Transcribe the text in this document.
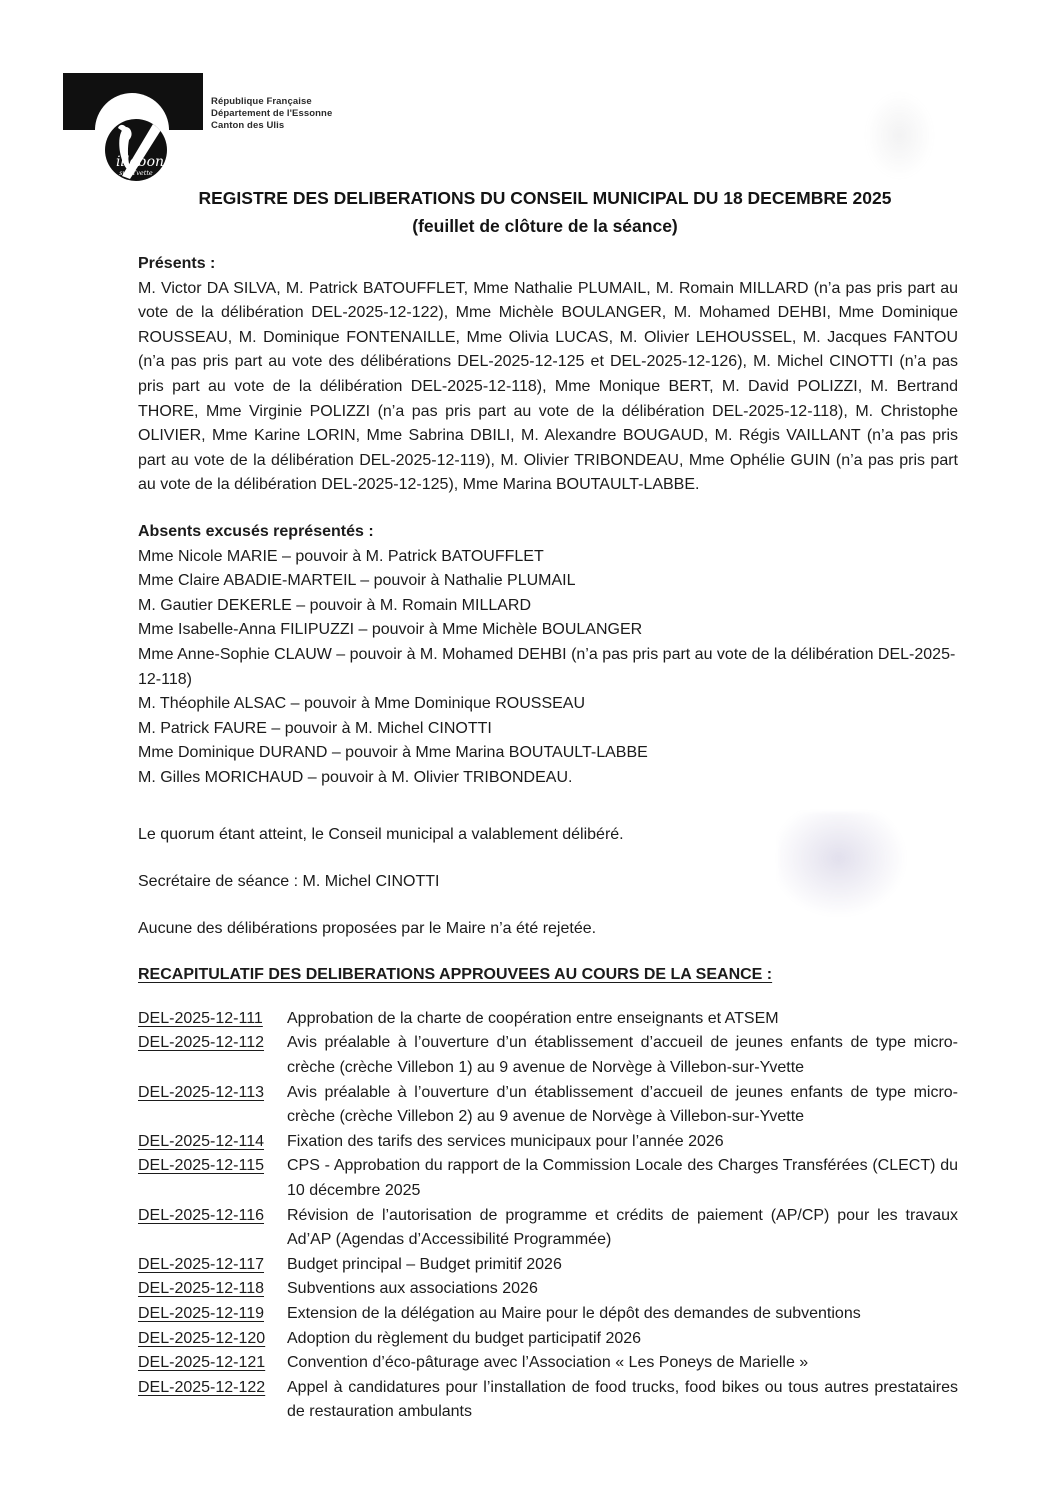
illebon
sur Yvette
République Française
Département de l'Essonne
Canton des Ulis
REGISTRE DES DELIBERATIONS DU CONSEIL MUNICIPAL DU 18 DECEMBRE 2025
(feuillet de clôture de la séance)
Présents :

M. Victor DA SILVA, M. Patrick BATOUFFLET, Mme Nathalie PLUMAIL, M. Romain MILLARD (n’a pas pris part au vote de la délibération DEL-2025-12-122), Mme Michèle BOULANGER, M. Mohamed DEHBI, Mme Dominique ROUSSEAU, M. Dominique FONTENAILLE, Mme Olivia LUCAS, M. Olivier LEHOUSSEL, M. Jacques FANTOU (n’a pas pris part au vote des délibérations DEL-2025-12-125 et DEL-2025-12-126), M. Michel CINOTTI (n’a pas pris part au vote de la délibération DEL-2025-12-118), Mme Monique BERT, M. David POLIZZI, M. Bertrand THORE, Mme Virginie POLIZZI (n’a pas pris part au vote de la délibération DEL-2025-12-118), M. Christophe OLIVIER, Mme Karine LORIN, Mme Sabrina DBILI, M. Alexandre BOUGAUD, M. Régis VAILLANT (n’a pas pris part au vote de la délibération DEL-2025-12-119), M. Olivier TRIBONDEAU, Mme Ophélie GUIN (n’a pas pris part au vote de la délibération DEL-2025-12-125), Mme Marina BOUTAULT-LABBE.

Absents excusés représentés :
Mme Nicole MARIE – pouvoir à M. Patrick BATOUFFLET
Mme Claire ABADIE-MARTEIL – pouvoir à Nathalie PLUMAIL
M. Gautier DEKERLE – pouvoir à M. Romain MILLARD
Mme Isabelle-Anna FILIPUZZI – pouvoir à Mme Michèle BOULANGER
Mme Anne-Sophie CLAUW – pouvoir à M. Mohamed DEHBI (n’a pas pris part au vote de la délibération DEL-2025-12-118)
M. Théophile ALSAC – pouvoir à Mme Dominique ROUSSEAU
M. Patrick FAURE – pouvoir à M. Michel CINOTTI
Mme Dominique DURAND – pouvoir à Mme Marina BOUTAULT-LABBE
M. Gilles MORICHAUD – pouvoir à M. Olivier TRIBONDEAU.

Le quorum étant atteint, le Conseil municipal a valablement délibéré.

Secrétaire de séance : M. Michel CINOTTI

Aucune des délibérations proposées par le Maire n’a été rejetée.

RECAPITULATIF DES DELIBERATIONS APPROUVEES AU COURS DE LA SEANCE :
DEL-2025-12-111	Approbation de la charte de coopération entre enseignants et ATSEM
DEL-2025-12-112	Avis préalable à l’ouverture d’un établissement d’accueil de jeunes enfants de type micro-crèche (crèche Villebon 1) au 9 avenue de Norvège à Villebon-sur-Yvette
DEL-2025-12-113	Avis préalable à l’ouverture d’un établissement d’accueil de jeunes enfants de type micro-crèche (crèche Villebon 2) au 9 avenue de Norvège à Villebon-sur-Yvette
DEL-2025-12-114	Fixation des tarifs des services municipaux pour l’année 2026
DEL-2025-12-115	CPS - Approbation du rapport de la Commission Locale des Charges Transférées (CLECT) du 10 décembre 2025
DEL-2025-12-116	Révision de l’autorisation de programme et crédits de paiement (AP/CP) pour les travaux Ad’AP (Agendas d’Accessibilité Programmée)
DEL-2025-12-117	Budget principal – Budget primitif 2026
DEL-2025-12-118	Subventions aux associations 2026
DEL-2025-12-119	Extension de la délégation au Maire pour le dépôt des demandes de subventions
DEL-2025-12-120	Adoption du règlement du budget participatif 2026
DEL-2025-12-121	Convention d’éco-pâturage avec l’Association « Les Poneys de Marielle »
DEL-2025-12-122	Appel à candidatures pour l’installation de food trucks, food bikes ou tous autres prestataires de restauration ambulants
